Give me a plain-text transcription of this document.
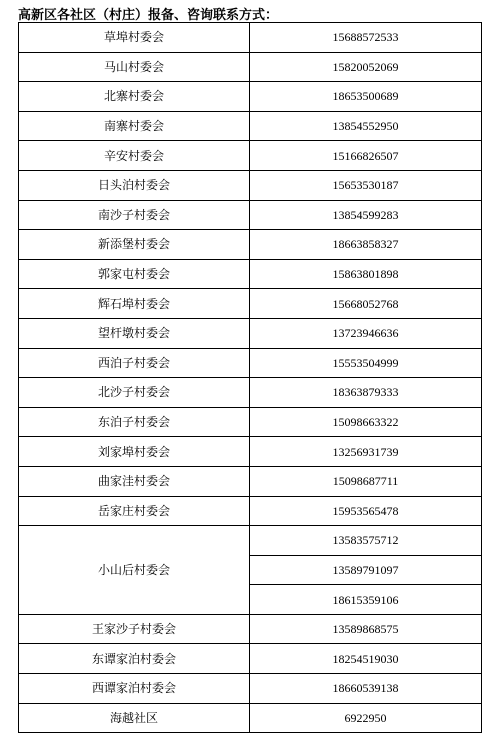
高新区各社区（村庄）报备、咨询联系方式：
草埠村委会	15688572533
马山村委会	15820052069
北寨村委会	18653500689
南寨村委会	13854552950
辛安村委会	15166826507
日头泊村委会	15653530187
南沙子村委会	13854599283
新添堡村委会	18663858327
郭家屯村委会	15863801898
辉石埠村委会	15668052768
望杆墩村委会	13723946636
西泊子村委会	15553504999
北沙子村委会	18363879333
东泊子村委会	15098663322
刘家埠村委会	13256931739
曲家洼村委会	15098687711
岳家庄村委会	15953565478
小山后村委会	13583575712
	13589791097
	18615359106
王家沙子村委会	13589868575
东谭家泊村委会	18254519030
西谭家泊村委会	18660539138
海越社区	6922950
